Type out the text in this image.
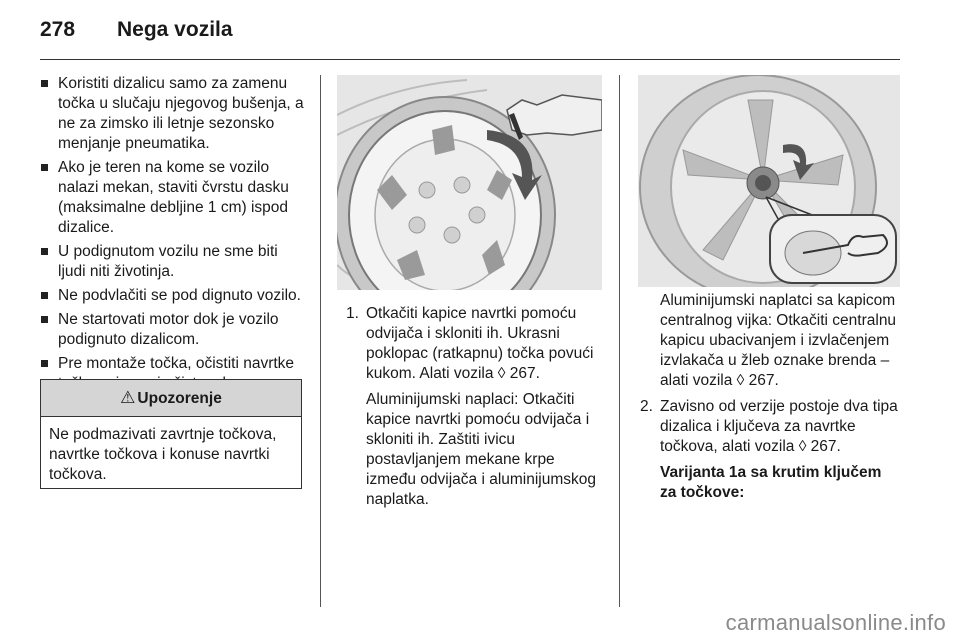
278 Nega vozila
Koristiti dizalicu samo za zamenu točka u slučaju njegovog bušenja, a ne za zimsko ili letnje sezonsko menjanje pneumatika.
Ako je teren na kome se vozilo nalazi mekan, staviti čvrstu dasku (maksimalne debljine 1 cm) ispod dizalice.
U podignutom vozilu ne sme biti ljudi niti životinja.
Ne podvlačiti se pod dignuto vozilo.
Ne startovati motor dok je vozilo podignuto dizalicom.
Pre montaže točka, očistiti navrtke
⚠ Upozorenje
Ne podmazivati zavrtnje točkova, navrtke točkova i konuse navrtki točkova.
1. Otkačiti kapice navrtki pomoću odvijača i skloniti ih. Ukrasni poklopac (ratkapnu) točka povući kukom. Alati vozila ◊ 267.
Aluminijumski naplaci: Otkačiti kapice navrtki pomoću odvijača i skloniti ih. Zaštiti ivicu postavljanjem mekane krpe između odvijača i aluminijumskog naplatka.
Aluminijumski naplatci sa kapicom centralnog vijka: Otkačiti centralnu kapicu ubacivanjem i izvlačenjem izvlakača u žleb oznake brenda – alati vozila ◊ 267.
2. Zavisno od verzije postoje dva tipa dizalica i ključeva za navrtke točkova, alati vozila ◊ 267.
Varijanta 1a sa krutim ključem za točkove:
carmanualsonline.info
